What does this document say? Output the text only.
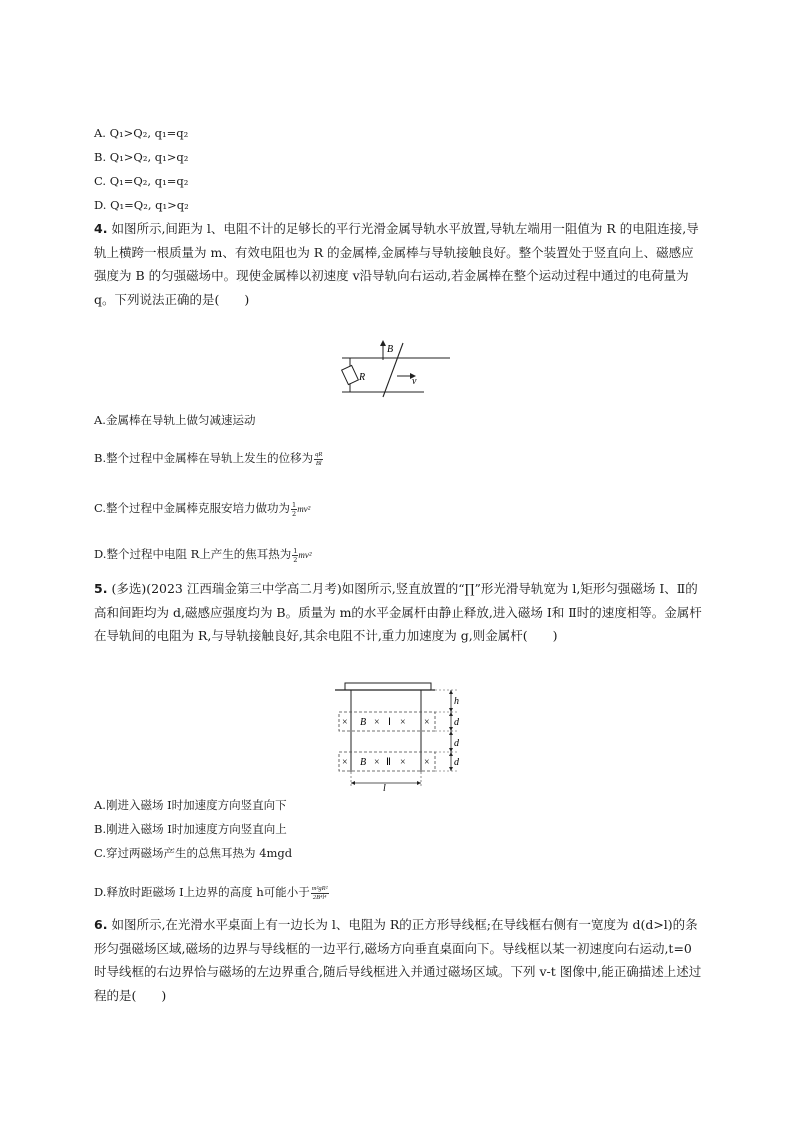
A. Q₁>Q₂, q₁=q₂
B. Q₁>Q₂, q₁>q₂
C. Q₁=Q₂, q₁=q₂
D. Q₁=Q₂, q₁>q₂
4. 如图所示,间距为 l、电阻不计的足够长的平行光滑金属导轨水平放置,导轨左端用一阻值为 R 的电阻连接,导轨上横跨一根质量为 m、有效电阻也为 R 的金属棒,金属棒与导轨接触良好。整个装置处于竖直向上、磁感应强度为 B 的匀强磁场中。现使金属棒以初速度 v沿导轨向右运动,若金属棒在整个运动过程中通过的电荷量为 q。下列说法正确的是(　　)
B
R	v
A.金属棒在导轨上做匀减速运动
B.整个过程中金属棒在导轨上发生的位移为 $\frac{qR}{Bl}$
C.整个过程中金属棒克服安培力做功为 $\frac{1}{2} mv^2$
D.整个过程中电阻 R上产生的焦耳热为 $\frac{1}{2} mv^2$
5. (多选)(2023 江西瑞金第三中学高二月考)如图所示,竖直放置的“∏”形光滑导轨宽为 l,矩形匀强磁场 Ⅰ、Ⅱ的高和间距均为 d,磁感应强度均为 B。质量为 m的水平金属杆由静止释放,进入磁场 Ⅰ和 Ⅱ时的速度相等。金属杆在导轨间的电阻为 R,与导轨接触良好,其余电阻不计,重力加速度为 g,则金属杆(　　)
h
d
d
d
× B × Ⅰ × ×
× B × Ⅱ × ×
l
A.刚进入磁场 Ⅰ时加速度方向竖直向下
B.刚进入磁场 Ⅰ时加速度方向竖直向上
C.穿过两磁场产生的总焦耳热为 4mgd
D.释放时距磁场 Ⅰ上边界的高度 h可能小于 $\frac{\text{m²gR²}}{\text{2B⁴l⁴}}$
6. 如图所示,在光滑水平桌面上有一边长为 l、电阻为 R的正方形导线框;在导线框右侧有一宽度为 d(d>l)的条形匀强磁场区域,磁场的边界与导线框的一边平行,磁场方向垂直桌面向下。导线框以某一初速度向右运动,t=0 时导线框的右边界恰与磁场的左边界重合,随后导线框进入并通过磁场区域。下列 v-t 图像中,能正确描述上述过程的是(　　)
